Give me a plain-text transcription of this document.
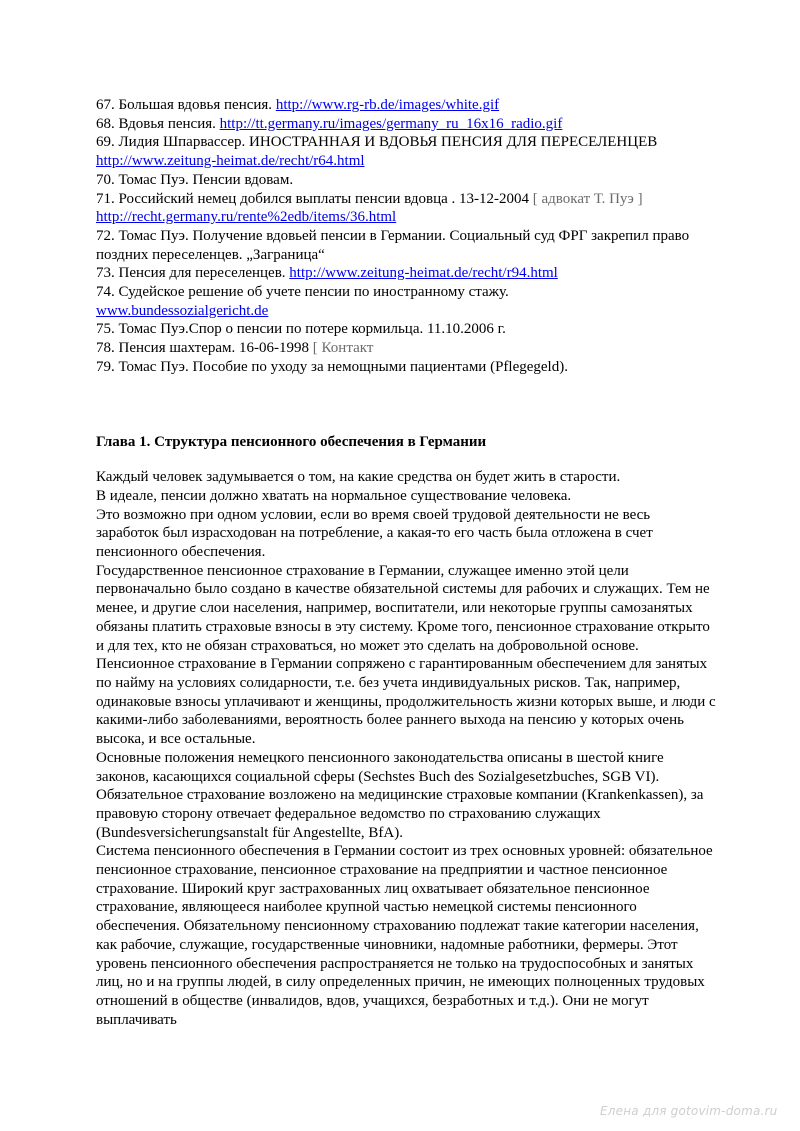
67. Большая вдовья пенсия. http://www.rg-rb.de/images/white.gif
68. Вдовья пенсия. http://tt.germany.ru/images/germany_ru_16x16_radio.gif
69. Лидия Шпарвассер. ИНОСТРАННАЯ И ВДОВЬЯ ПЕНСИЯ ДЛЯ ПЕРЕСЕЛЕНЦЕВ
http://www.zeitung-heimat.de/recht/r64.html
70. Томас Пуэ. Пенсии вдовам.
71. Российский немец добился выплаты пенсии вдовца . 13-12-2004 [ адвокат Т. Пуэ ]
http://recht.germany.ru/rente%2edb/items/36.html
72. Томас Пуэ. Получение вдовьей пенсии в Германии. Социальный суд ФРГ закрепил право поздних переселенцев. „Заграница“
73. Пенсия для переселенцев. http://www.zeitung-heimat.de/recht/r94.html
74. Судейское решение об учете пенсии по иностранному стажу.
www.bundessozialgericht.de
75. Томас Пуэ.Спор о пенсии по потере кормильца. 11.10.2006 г.
78. Пенсия шахтерам. 16-06-1998 [ Контакт
79. Томас Пуэ. Пособие по уходу за немощными пациентами (Pflegegeld).
Глава 1. Структура пенсионного обеспечения в Германии

Каждый человек задумывается о том, на какие средства он будет жить в старости.

В идеале, пенсии должно хватать на нормальное существование человека.

Это возможно при одном условии, если во время своей трудовой деятельности не весь заработок был израсходован на потребление, а какая-то его часть была отложена в счет пенсионного обеспечения.

Государственное пенсионное страхование в Германии, служащее именно этой цели первоначально было создано в качестве обязательной системы для рабочих и служащих. Тем не менее, и другие слои населения, например, воспитатели, или некоторые группы самозанятых обязаны платить страховые взносы в эту систему. Кроме того, пенсионное страхование открыто и для тех, кто не обязан страховаться, но может это сделать на добровольной основе. Пенсионное страхование в Германии сопряжено с гарантированным обеспечением для занятых по найму на условиях солидарности, т.е. без учета индивидуальных рисков. Так, например, одинаковые взносы уплачивают и женщины, продолжительность жизни которых выше, и люди с какими-либо заболеваниями, вероятность более раннего выхода на пенсию у которых очень высока, и все остальные.

Основные положения немецкого пенсионного законодательства описаны в шестой книге законов, касающихся социальной сферы (Sechstes Buch des Sozialgesetzbuches, SGB VI). Обязательное страхование возложено на медицинские страховые компании (Krankenkassen), за правовую сторону отвечает федеральное ведомство по страхованию служащих (Bundesversicherungsanstalt für Angestellte, BfA).

Система пенсионного обеспечения в Германии состоит из трех основных уровней: обязательное пенсионное страхование, пенсионное страхование на предприятии и частное пенсионное страхование. Широкий круг застрахованных лиц охватывает обязательное пенсионное страхование, являющееся наиболее крупной частью немецкой системы пенсионного обеспечения. Обязательному пенсионному страхованию подлежат такие категории населения, как рабочие, служащие, государственные чиновники, надомные работники, фермеры. Этот уровень пенсионного обеспечения распространяется не только на трудоспособных и занятых лиц, но и на группы людей, в силу определенных причин, не имеющих полноценных трудовых отношений в обществе (инвалидов, вдов, учащихся, безработных и т.д.). Они не могут выплачивать

Елена для gotovim-doma.ru
